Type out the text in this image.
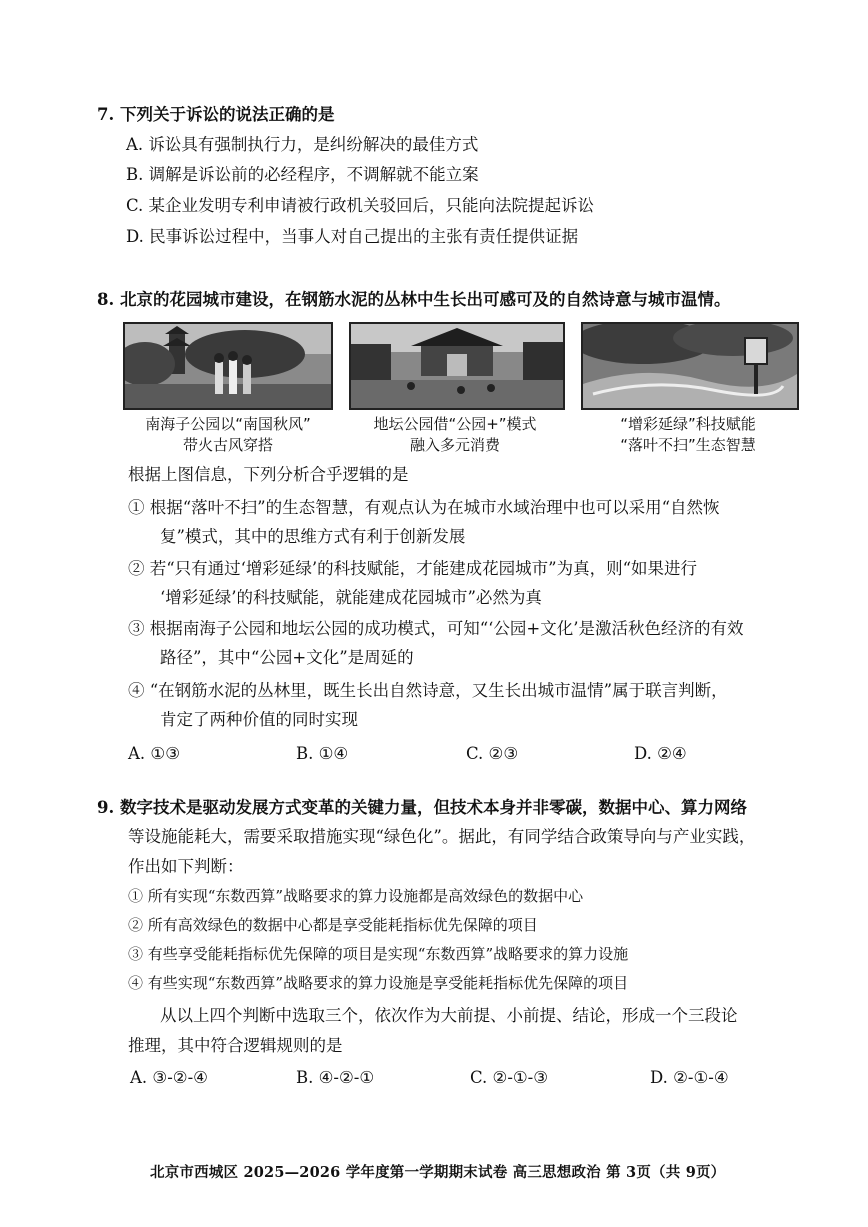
7. 下列关于诉讼的说法正确的是
A. 诉讼具有强制执行力，是纠纷解决的最佳方式
B. 调解是诉讼前的必经程序，不调解就不能立案
C. 某企业发明专利申请被行政机关驳回后，只能向法院提起诉讼
D. 民事诉讼过程中，当事人对自己提出的主张有责任提供证据
8. 北京的花园城市建设，在钢筋水泥的丛林中生长出可感可及的自然诗意与城市温情。
南海子公园以“南国秋风”
带火古风穿搭
地坛公园借“公园+”模式
融入多元消费
“增彩延绿”科技赋能
“落叶不扫”生态智慧
根据上图信息，下列分析合乎逻辑的是
① 根据“落叶不扫”的生态智慧，有观点认为在城市水域治理中也可以采用“自然恢
复”模式，其中的思维方式有利于创新发展
② 若“只有通过‘增彩延绿’的科技赋能，才能建成花园城市”为真，则“如果进行
‘增彩延绿’的科技赋能，就能建成花园城市”必然为真
③ 根据南海子公园和地坛公园的成功模式，可知“‘公园+文化’是激活秋色经济的有效
路径”，其中“公园+文化”是周延的
④ “在钢筋水泥的丛林里，既生长出自然诗意，又生长出城市温情”属于联言判断，
肯定了两种价值的同时实现
A. ①③	B. ①④	C. ②③	D. ②④
9. 数字技术是驱动发展方式变革的关键力量，但技术本身并非零碳，数据中心、算力网络
等设施能耗大，需要采取措施实现“绿色化”。据此，有同学结合政策导向与产业实践，
作出如下判断：
① 所有实现“东数西算”战略要求的算力设施都是高效绿色的数据中心
② 所有高效绿色的数据中心都是享受能耗指标优先保障的项目
③ 有些享受能耗指标优先保障的项目是实现“东数西算”战略要求的算力设施
④ 有些实现“东数西算”战略要求的算力设施是享受能耗指标优先保障的项目
从以上四个判断中选取三个，依次作为大前提、小前提、结论，形成一个三段论
推理，其中符合逻辑规则的是
A. ③-②-④	B. ④-②-①	C. ②-①-③	D. ②-①-④
北京市西城区 2025—2026 学年度第一学期期末试卷 高三思想政治 第 3页（共 9页）
